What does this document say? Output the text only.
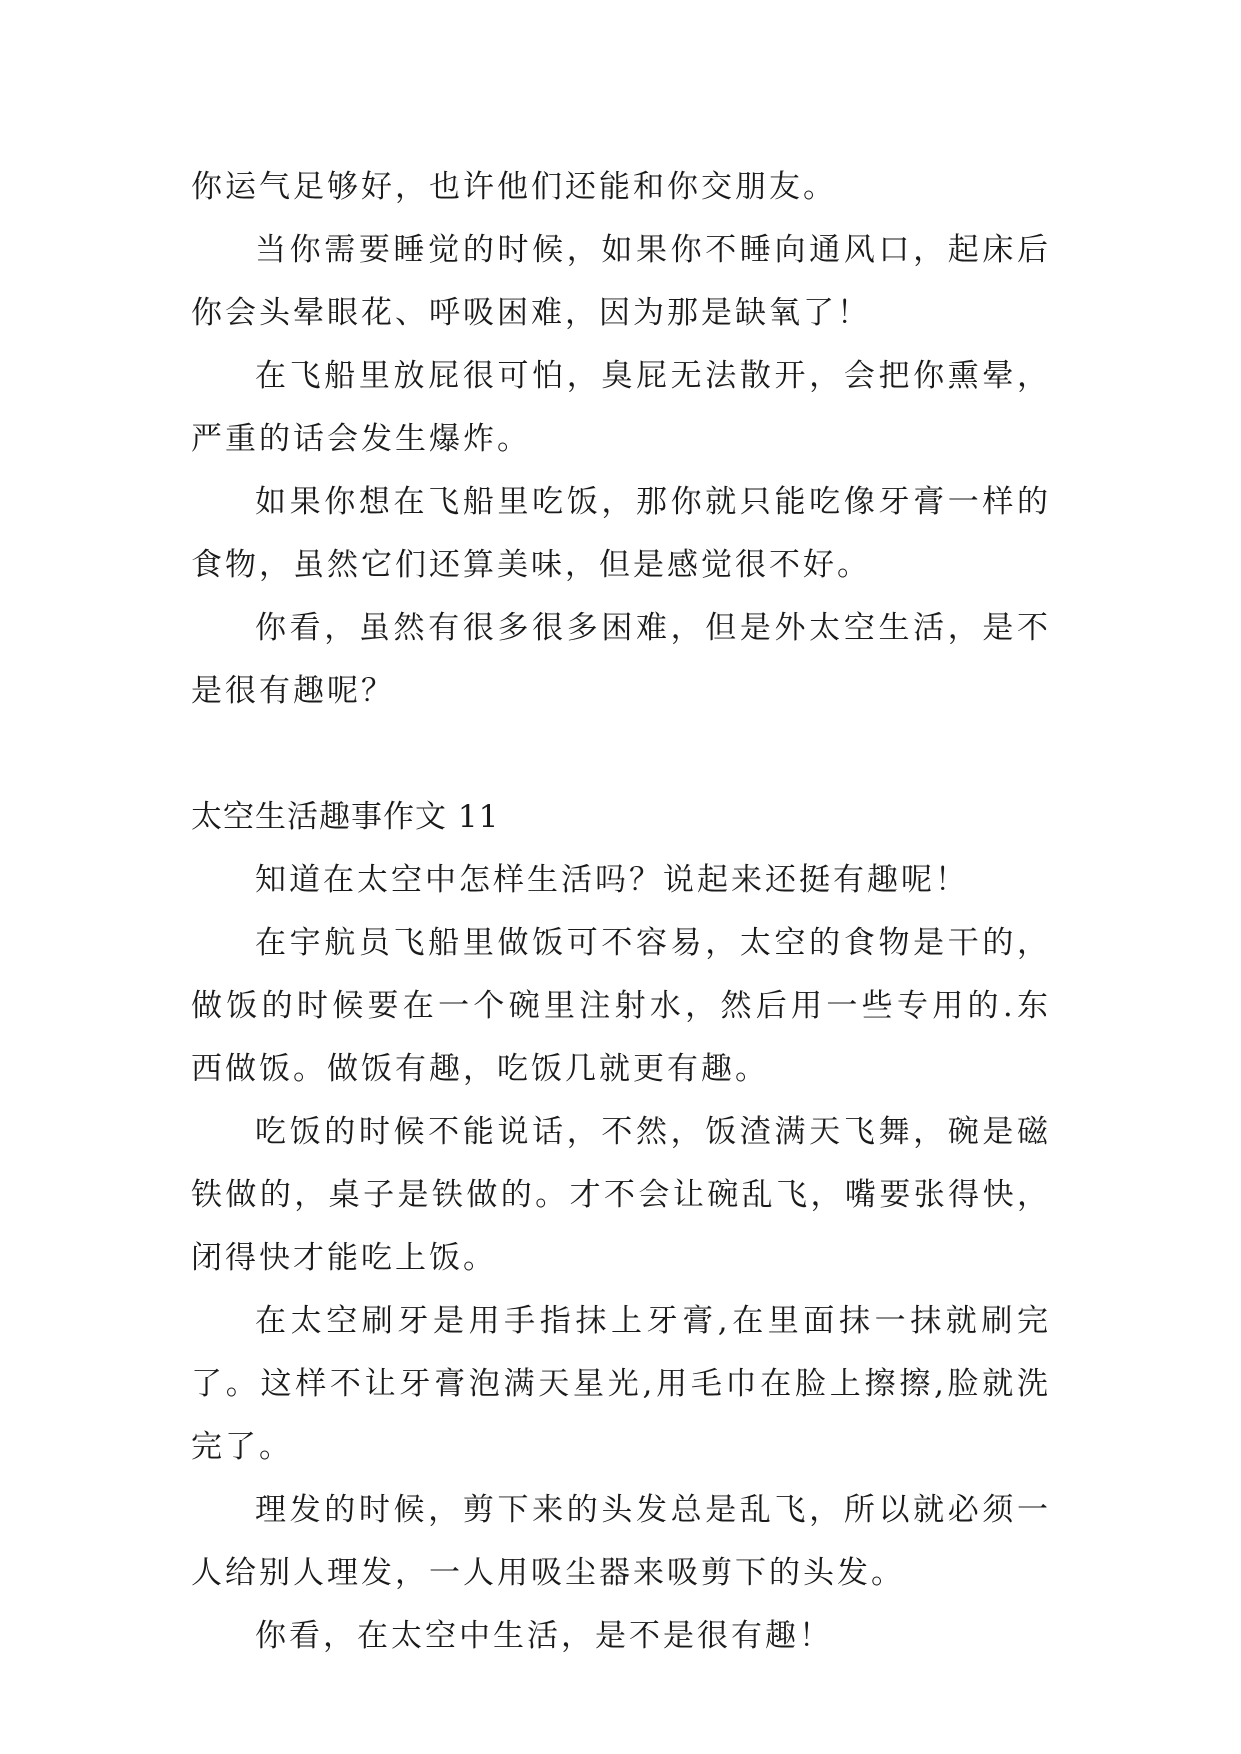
你运气足够好，也许他们还能和你交朋友。

当你需要睡觉的时候，如果你不睡向通风口，起床后你会头晕眼花、呼吸困难，因为那是缺氧了！

在飞船里放屁很可怕，臭屁无法散开，会把你熏晕，严重的话会发生爆炸。

如果你想在飞船里吃饭，那你就只能吃像牙膏一样的食物，虽然它们还算美味，但是感觉很不好。

你看，虽然有很多很多困难，但是外太空生活，是不是很有趣呢？

太空生活趣事作文 11

知道在太空中怎样生活吗？说起来还挺有趣呢！

在宇航员飞船里做饭可不容易，太空的食物是干的，做饭的时候要在一个碗里注射水，然后用一些专用的.东西做饭。做饭有趣，吃饭几就更有趣。

吃饭的时候不能说话，不然，饭渣满天飞舞，碗是磁铁做的，桌子是铁做的。才不会让碗乱飞，嘴要张得快，闭得快才能吃上饭。

在太空刷牙是用手指抹上牙膏,在里面抹一抹就刷完了。这样不让牙膏泡满天星光,用毛巾在脸上擦擦,脸就洗完了。

理发的时候，剪下来的头发总是乱飞，所以就必须一人给别人理发，一人用吸尘器来吸剪下的头发。

你看，在太空中生活，是不是很有趣！
